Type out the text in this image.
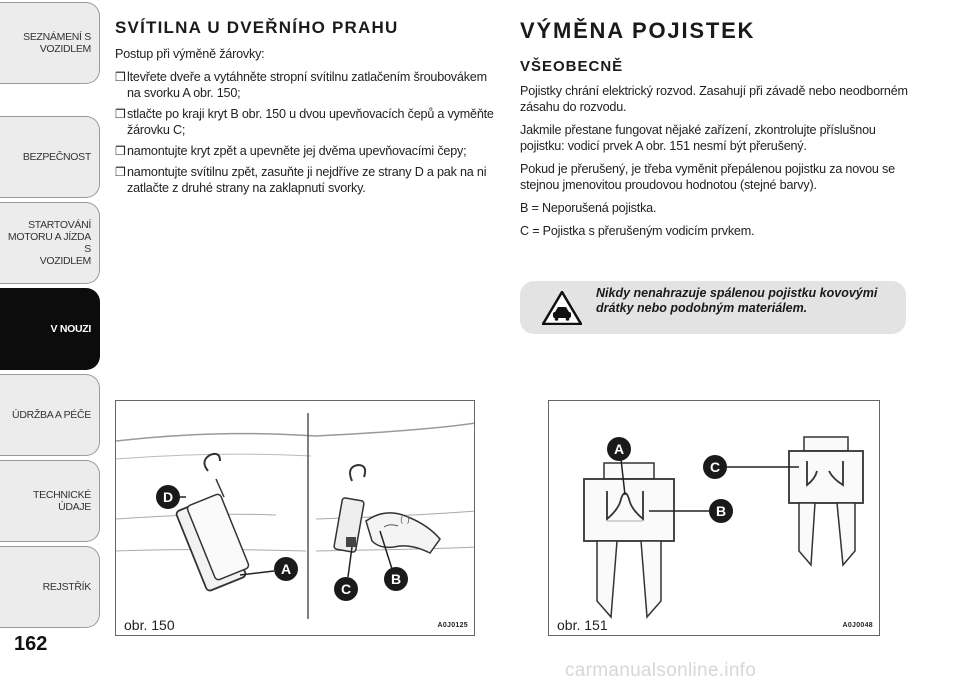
SEZNÁMENÍ S
VOZIDLEM
BEZPEČNOST
STARTOVÁNÍ
MOTORU A JÍZDA S
VOZIDLEM
V NOUZI
ÚDRŽBA A PÉČE
TECHNICKÉ ÚDAJE
REJSTŘÍK
162
SVÍTILNA U DVEŘNÍHO PRAHU
Postup při výměně žárovky:
❒ ltevřete dveře a vytáhněte stropní svítilnu zatlačením šroubovákem na svorku A obr. 150;
❒ stlačte po kraji kryt B obr. 150 u dvou upevňovacích čepů a vyměňte žárovku C;
❒ namontujte kryt zpět a upevněte jej dvěma upevňovacími čepy;
❒ namontujte svítilnu zpět, zasuňte ji nejdříve ze strany D a pak na ni zatlačte z druhé strany na zaklapnutí svorky.
VÝMĚNA POJISTEK
VŠEOBECNĚ
Pojistky chrání elektrický rozvod. Zasahují při závadě nebo neodborném zásahu do rozvodu.
Jakmile přestane fungovat nějaké zařízení, zkontrolujte příslušnou pojistku: vodicí prvek A obr. 151 nesmí být přerušený.
Pokud je přerušený, je třeba vyměnit přepálenou pojistku za novou se stejnou jmenovitou proudovou hodnotou (stejné barvy).
B = Neporušená pojistka.
C = Pojistka s přerušeným vodicím prvkem.
Nikdy nenahrazuje spálenou pojistku kovovými drátky nebo podobným materiálem.
( )
D
A
C
B
obr. 150	A0J0125
A
C
B
obr. 151	A0J0048
carmanualsonline.info
